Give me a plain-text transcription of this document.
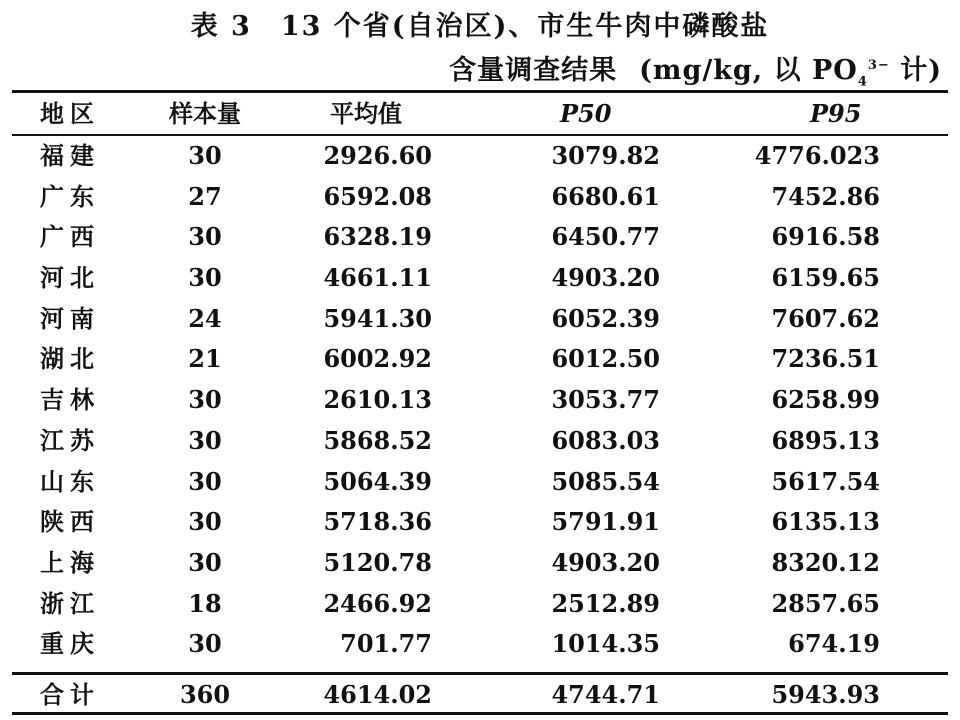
表 3　13 个省(自治区)、市生牛肉中磷酸盐
含量调查结果 (mg/kg, 以 $PO_4^{3-}$ 计)
地区	样本量	平均值	P50	P95
福建	30	2926.60	3079.82	4776.023
广东	27	6592.08	6680.61	7452.86
广西	30	6328.19	6450.77	6916.58
河北	30	4661.11	4903.20	6159.65
河南	24	5941.30	6052.39	7607.62
湖北	21	6002.92	6012.50	7236.51
吉林	30	2610.13	3053.77	6258.99
江苏	30	5868.52	6083.03	6895.13
山东	30	5064.39	5085.54	5617.54
陕西	30	5718.36	5791.91	6135.13
上海	30	5120.78	4903.20	8320.12
浙江	18	2466.92	2512.89	2857.65
重庆	30	701.77	1014.35	674.19
合计	360	4614.02	4744.71	5943.93
